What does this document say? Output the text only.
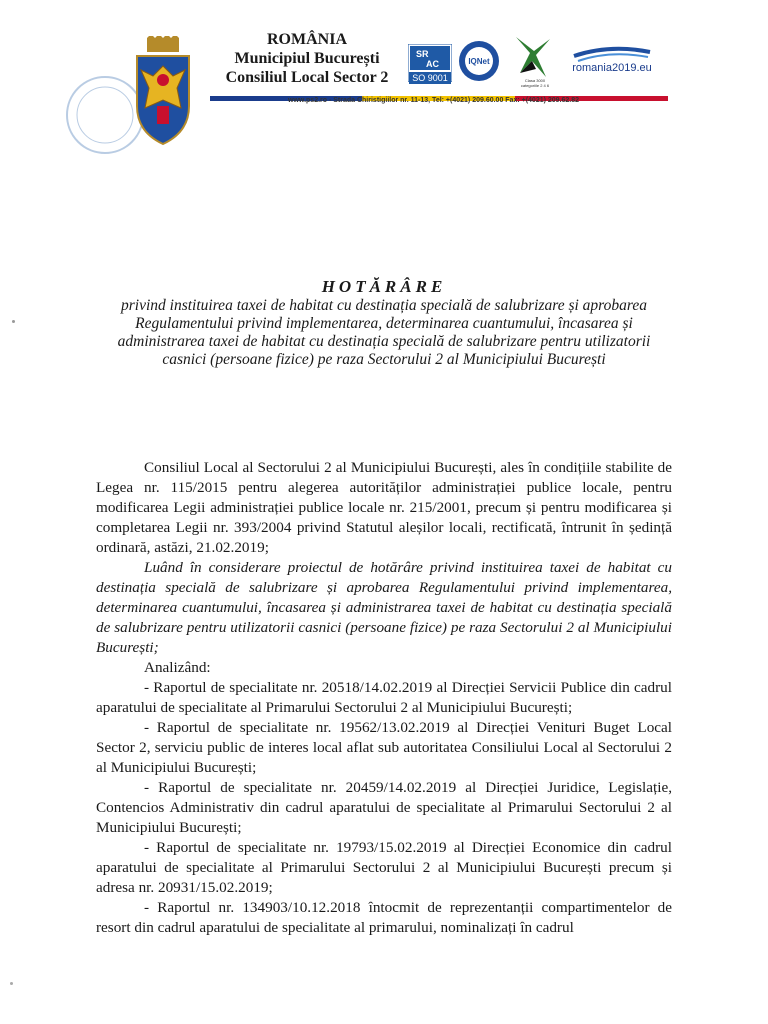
ROMÂNIA
Municipiul București
Consiliul Local Sector 2
SR
AC
SO 9001
IQNet
Clasa 3000
categoriile 2 4 6
romania2019.eu
www.ps2.ro - Strada Chiristigiilor nr. 11-13, Tel: +(4021) 209.60.00 Fax: +(4021) 209.62.82
HOTĂRÂRE
privind instituirea taxei de habitat cu destinația specială de salubrizare și aprobarea
Regulamentului privind implementarea, determinarea cuantumului, încasarea și
administrarea taxei de habitat cu destinația specială de salubrizare pentru utilizatorii
casnici (persoane fizice) pe raza Sectorului 2 al Municipiului București

Consiliul Local al Sectorului 2 al Municipiului București, ales în condițiile stabilite de Legea nr. 115/2015 pentru alegerea autorităților administrației publice locale, pentru modificarea Legii administrației publice locale nr. 215/2001, precum și pentru modificarea și completarea Legii nr. 393/2004 privind Statutul aleșilor locali, rectificată, întrunit în ședință ordinară, astăzi, 21.02.2019;

Luând în considerare proiectul de hotărâre privind instituirea taxei de habitat cu destinația specială de salubrizare și aprobarea Regulamentului privind implementarea, determinarea cuantumului, încasarea și administrarea taxei de habitat cu destinația specială de salubrizare pentru utilizatorii casnici (persoane fizice) pe raza Sectorului 2 al Municipiului București;

Analizând:

- Raportul de specialitate nr. 20518/14.02.2019 al Direcției Servicii Publice din cadrul aparatului de specialitate al Primarului Sectorului 2 al Municipiului București;

- Raportul de specialitate nr. 19562/13.02.2019 al Direcției Venituri Buget Local Sector 2, serviciu public de interes local aflat sub autoritatea Consiliului Local al Sectorului 2 al Municipiului București;

- Raportul de specialitate nr. 20459/14.02.2019 al Direcției Juridice, Legislație, Contencios Administrativ din cadrul aparatului de specialitate al Primarului Sectorului 2 al Municipiului București;

- Raportul de specialitate nr. 19793/15.02.2019 al Direcției Economice din cadrul aparatului de specialitate al Primarului Sectorului 2 al Municipiului București precum și adresa nr. 20931/15.02.2019;

- Raportul nr. 134903/10.12.2018 întocmit de reprezentanții compartimentelor de resort din cadrul aparatului de specialitate al primarului, nominalizați în cadrul
